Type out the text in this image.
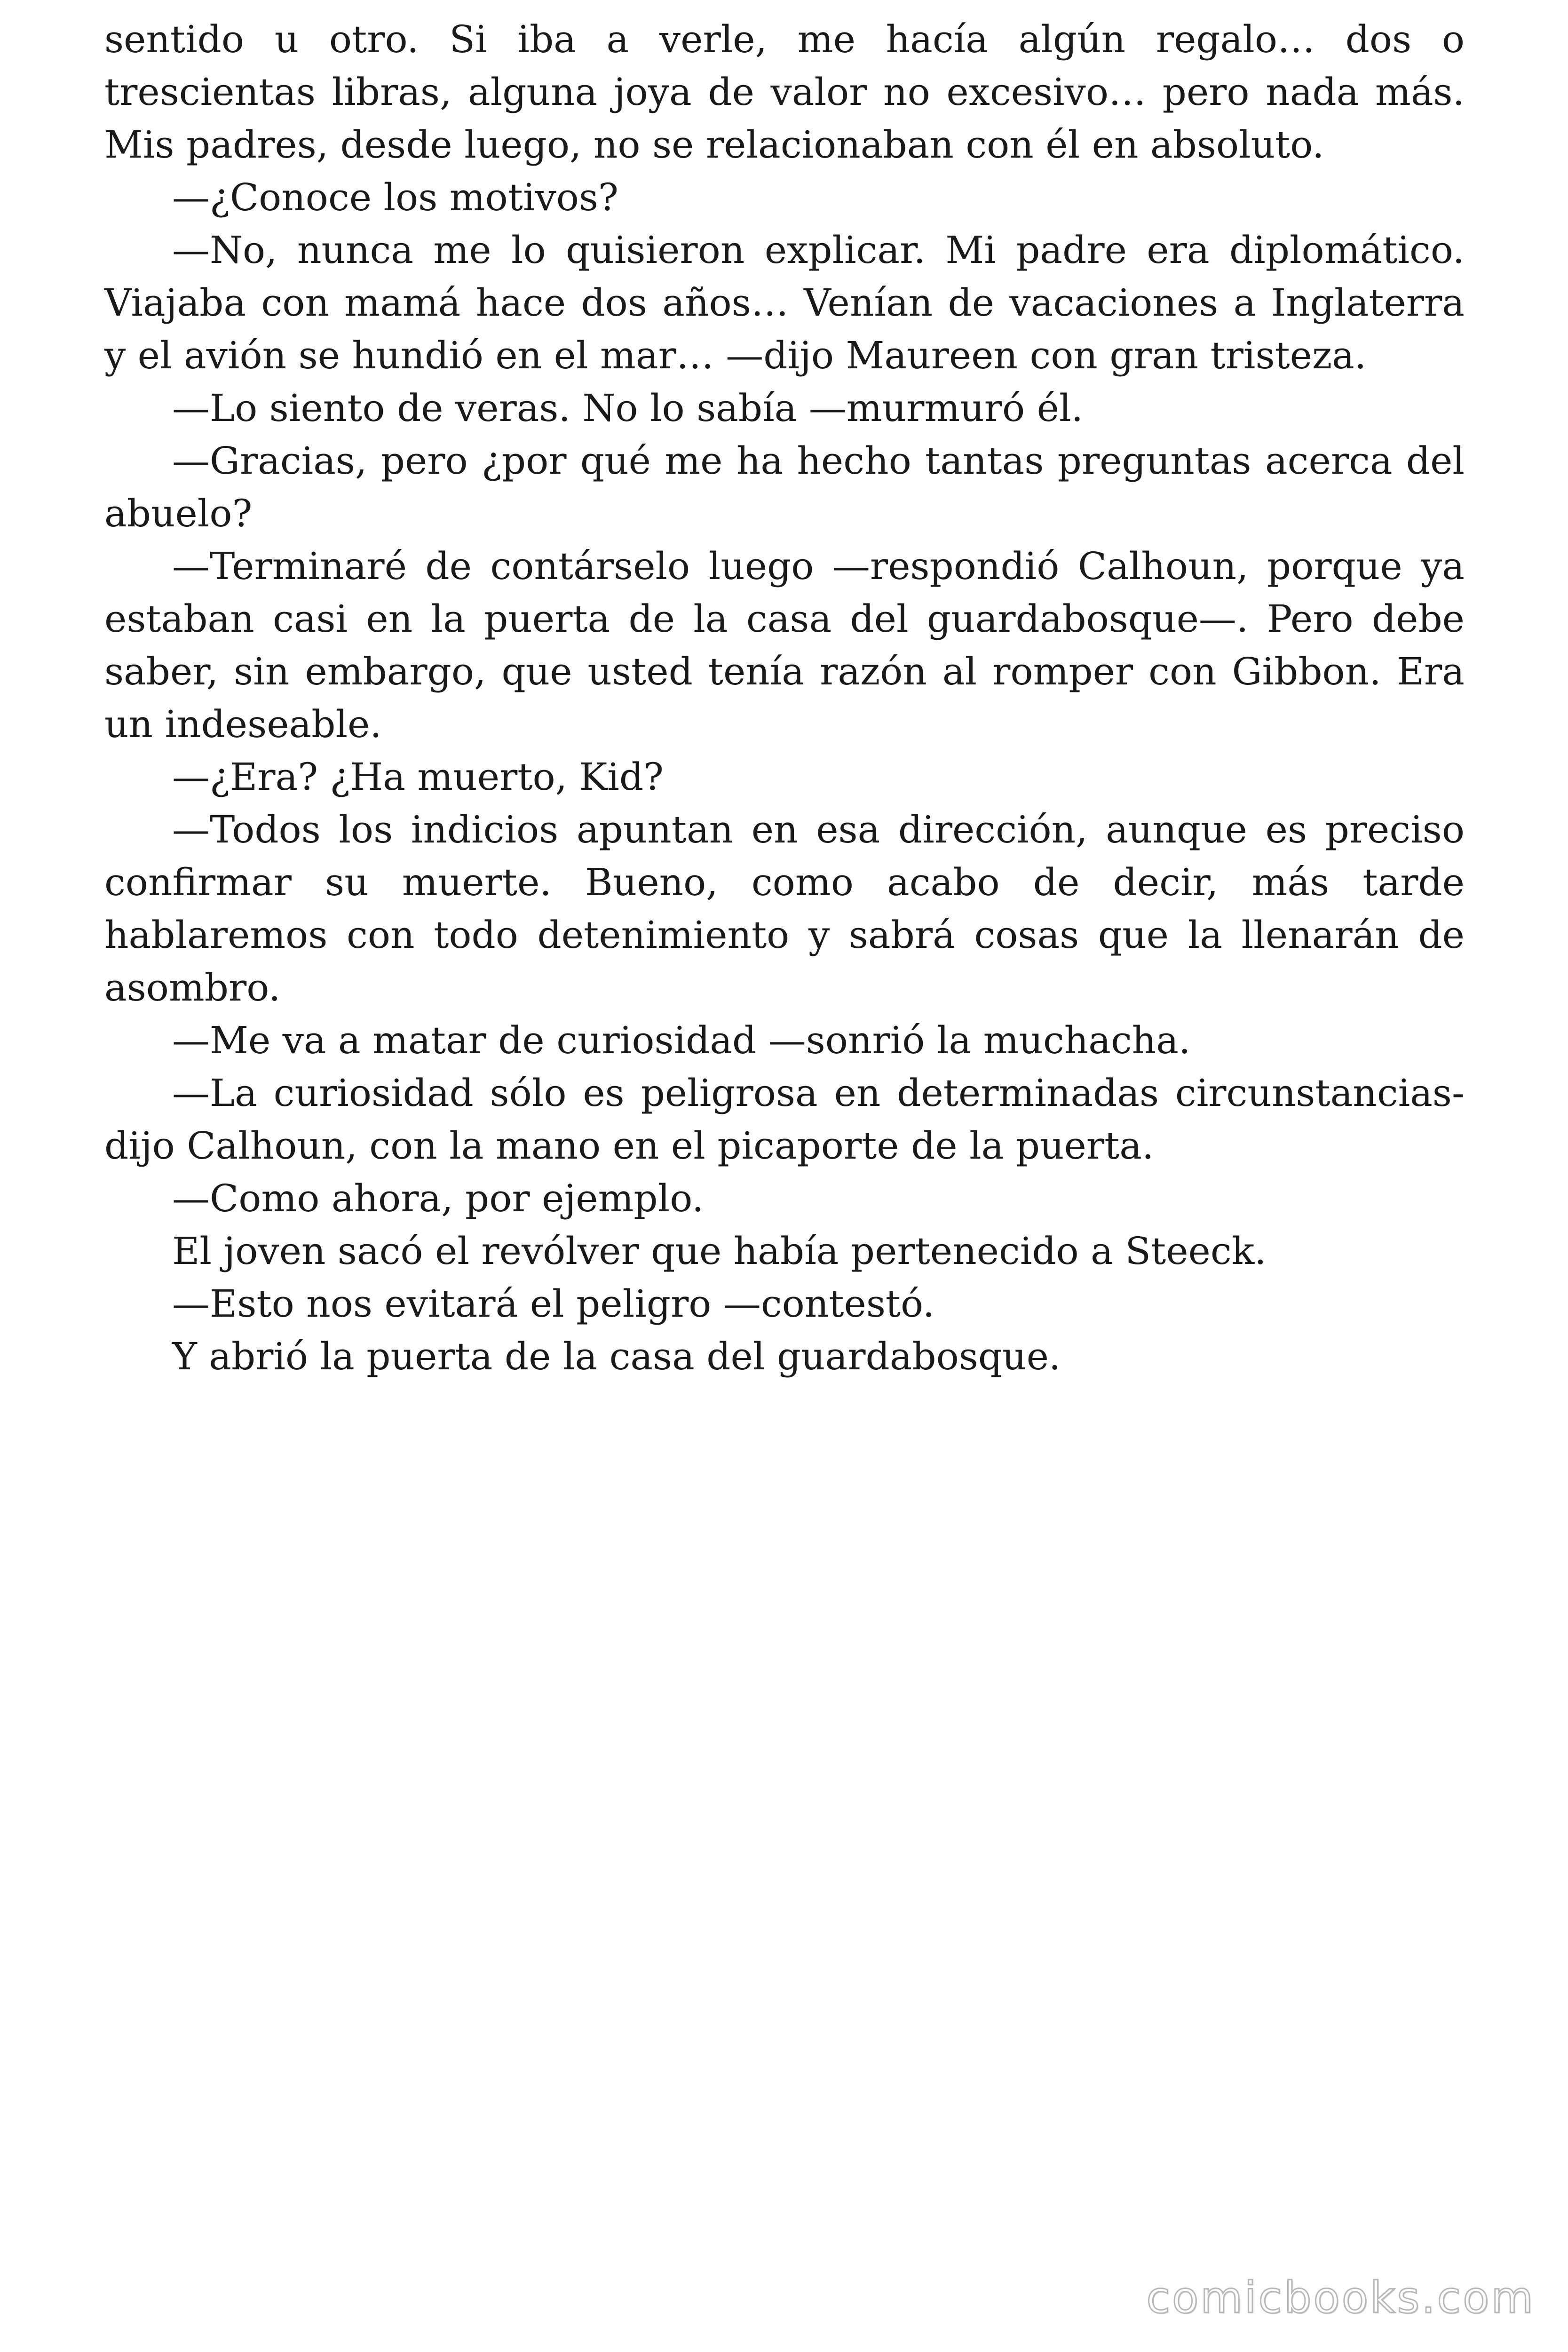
sentido u otro. Si iba a verle, me hacía algún regalo… dos o trescientas libras, alguna joya de valor no excesivo… pero nada más. Mis padres, desde luego, no se relacionaban con él en absoluto.

—¿Conoce los motivos?

—No, nunca me lo quisieron explicar. Mi padre era diplomático. Viajaba con mamá hace dos años… Venían de vacaciones a Inglaterra y el avión se hundió en el mar… —dijo Maureen con gran tristeza.

—Lo siento de veras. No lo sabía —murmuró él.

—Gracias, pero ¿por qué me ha hecho tantas preguntas acerca del abuelo?

—Terminaré de contárselo luego —respondió Calhoun, porque ya estaban casi en la puerta de la casa del guardabosque—. Pero debe saber, sin embargo, que usted tenía razón al romper con Gibbon. Era un indeseable.

—¿Era? ¿Ha muerto, Kid?

—Todos los indicios apuntan en esa dirección, aunque es preciso confirmar su muerte. Bueno, como acabo de decir, más tarde hablaremos con todo detenimiento y sabrá cosas que la llenarán de asombro.

—Me va a matar de curiosidad —sonrió la muchacha.

—La curiosidad sólo es peligrosa en determinadas circunstancias-dijo Calhoun, con la mano en el picaporte de la puerta.

—Como ahora, por ejemplo.

El joven sacó el revólver que había pertenecido a Steeck.

—Esto nos evitará el peligro —contestó.

Y abrió la puerta de la casa del guardabosque.

comicbooks.com
